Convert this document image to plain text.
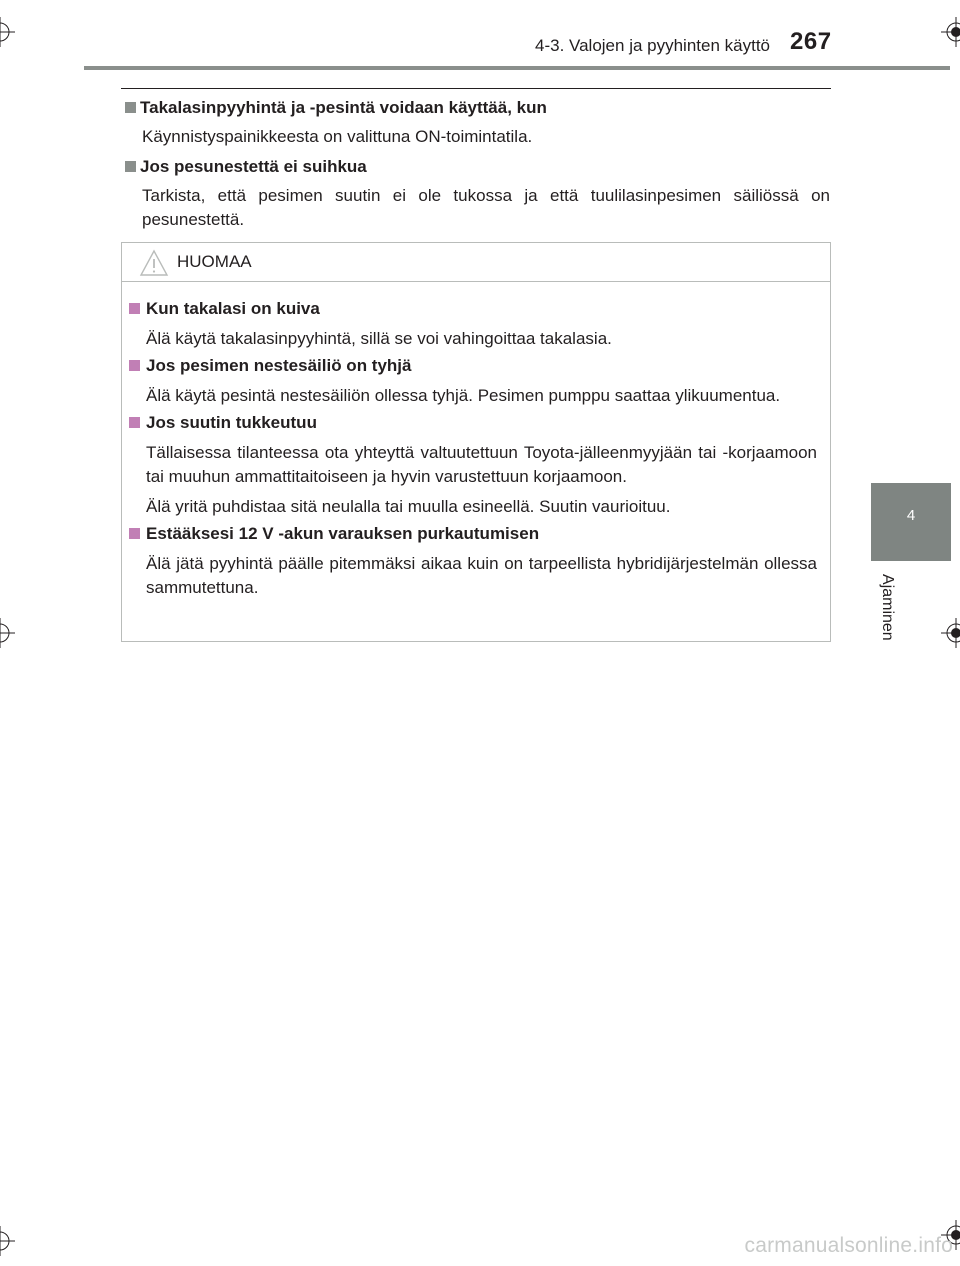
4-3. Valojen ja pyyhinten käyttö 267
4
Ajaminen
Takalasinpyyhintä ja -pesintä voidaan käyttää, kun
Käynnistyspainikkeesta on valittuna ON-toimintatila.
Jos pesunestettä ei suihkua
Tarkista, että pesimen suutin ei ole tukossa ja että tuulilasinpesimen säiliössä on pesunestettä.
HUOMAA
Kun takalasi on kuiva
Älä käytä takalasinpyyhintä, sillä se voi vahingoittaa takalasia.
Jos pesimen nestesäiliö on tyhjä
Älä käytä pesintä nestesäiliön ollessa tyhjä. Pesimen pumppu saattaa ylikuumentua.
Jos suutin tukkeutuu
Tällaisessa tilanteessa ota yhteyttä valtuutettuun Toyota-jälleenmyyjään tai -korjaamoon tai muuhun ammattitaitoiseen ja hyvin varustettuun korjaamoon.
Älä yritä puhdistaa sitä neulalla tai muulla esineellä. Suutin vaurioituu.
Estääksesi 12 V -akun varauksen purkautumisen
Älä jätä pyyhintä päälle pitemmäksi aikaa kuin on tarpeellista hybridijärjestelmän ollessa sammutettuna.
carmanualsonline.info
